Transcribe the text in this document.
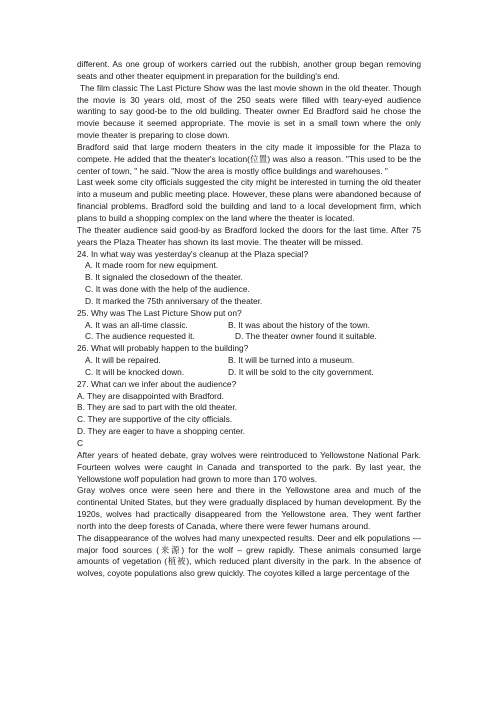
different. As one group of workers carried out the rubbish, another group began removing seats and other theater equipment in preparation for the building's end.

The film classic The Last Picture Show was the last movie shown in the old theater. Though the movie is 30 years old, most of the 250 seats were filled with teary-eyed audience wanting to say good-be to the old building. Theater owner Ed Bradford said he chose the movie because it seemed appropriate. The movie is set in a small town where the only movie theater is preparing to close down.

Bradford said that large modern theaters in the city made it impossible for the Plaza to compete. He added that the theater's location(位置) was also a reason. "This used to be the center of town, " he said. "Now the area is mostly office buildings and warehouses. "

Last week some city officials suggested the city might be interested in turning the old theater into a museum and public meeting place. However, these plans were abandoned because of financial problems. Bradford sold the building and land to a local development firm, which plans to build a shopping complex on the land where the theater is located.

The theater audience said good-by as Bradford locked the doors for the last time. After 75 years the Plaza Theater has shown its last movie. The theater will be missed.

24. In what way was yesterday's cleanup at the Plaza special?

A. It made room for new equipment.

B. It signaled the closedown of the theater.

C. It was done with the help of the audience.

D. It marked the 75th anniversary of the theater.

25. Why was The Last Picture Show put on?

A. It was an all-time classic.	B. It was about the history of the town.
C. The audience requested it.	D. The theater owner found it suitable.

26. What will probably happen to the building?

A. It will be repaired.	B. It will be turned into a museum.
C. It will be knocked down.	D. It will be sold to the city government.

27. What can we infer about the audience?

A. They are disappointed with Bradford.

B. They are sad to part with the old theater.

C. They are supportive of the city officials.

D. They are eager to have a shopping center.

C

After years of heated debate, gray wolves were reintroduced to Yellowstone National Park. Fourteen wolves were caught in Canada and transported to the park. By last year, the Yellowstone wolf population had grown to more than 170 wolves.

Gray wolves once were seen here and there in the Yellowstone area and much of the continental United States, but they were gradually displaced by human development. By the 1920s, wolves had practically disappeared from the Yellowstone area. They went farther north into the deep forests of Canada, where there were fewer humans around.

The disappearance of the wolves had many unexpected results. Deer and elk populations — major food sources (来源) for the wolf – grew rapidly. These animals consumed large amounts of vegetation (植被), which reduced plant diversity in the park. In the absence of wolves, coyote populations also grew quickly. The coyotes killed a large percentage of the
